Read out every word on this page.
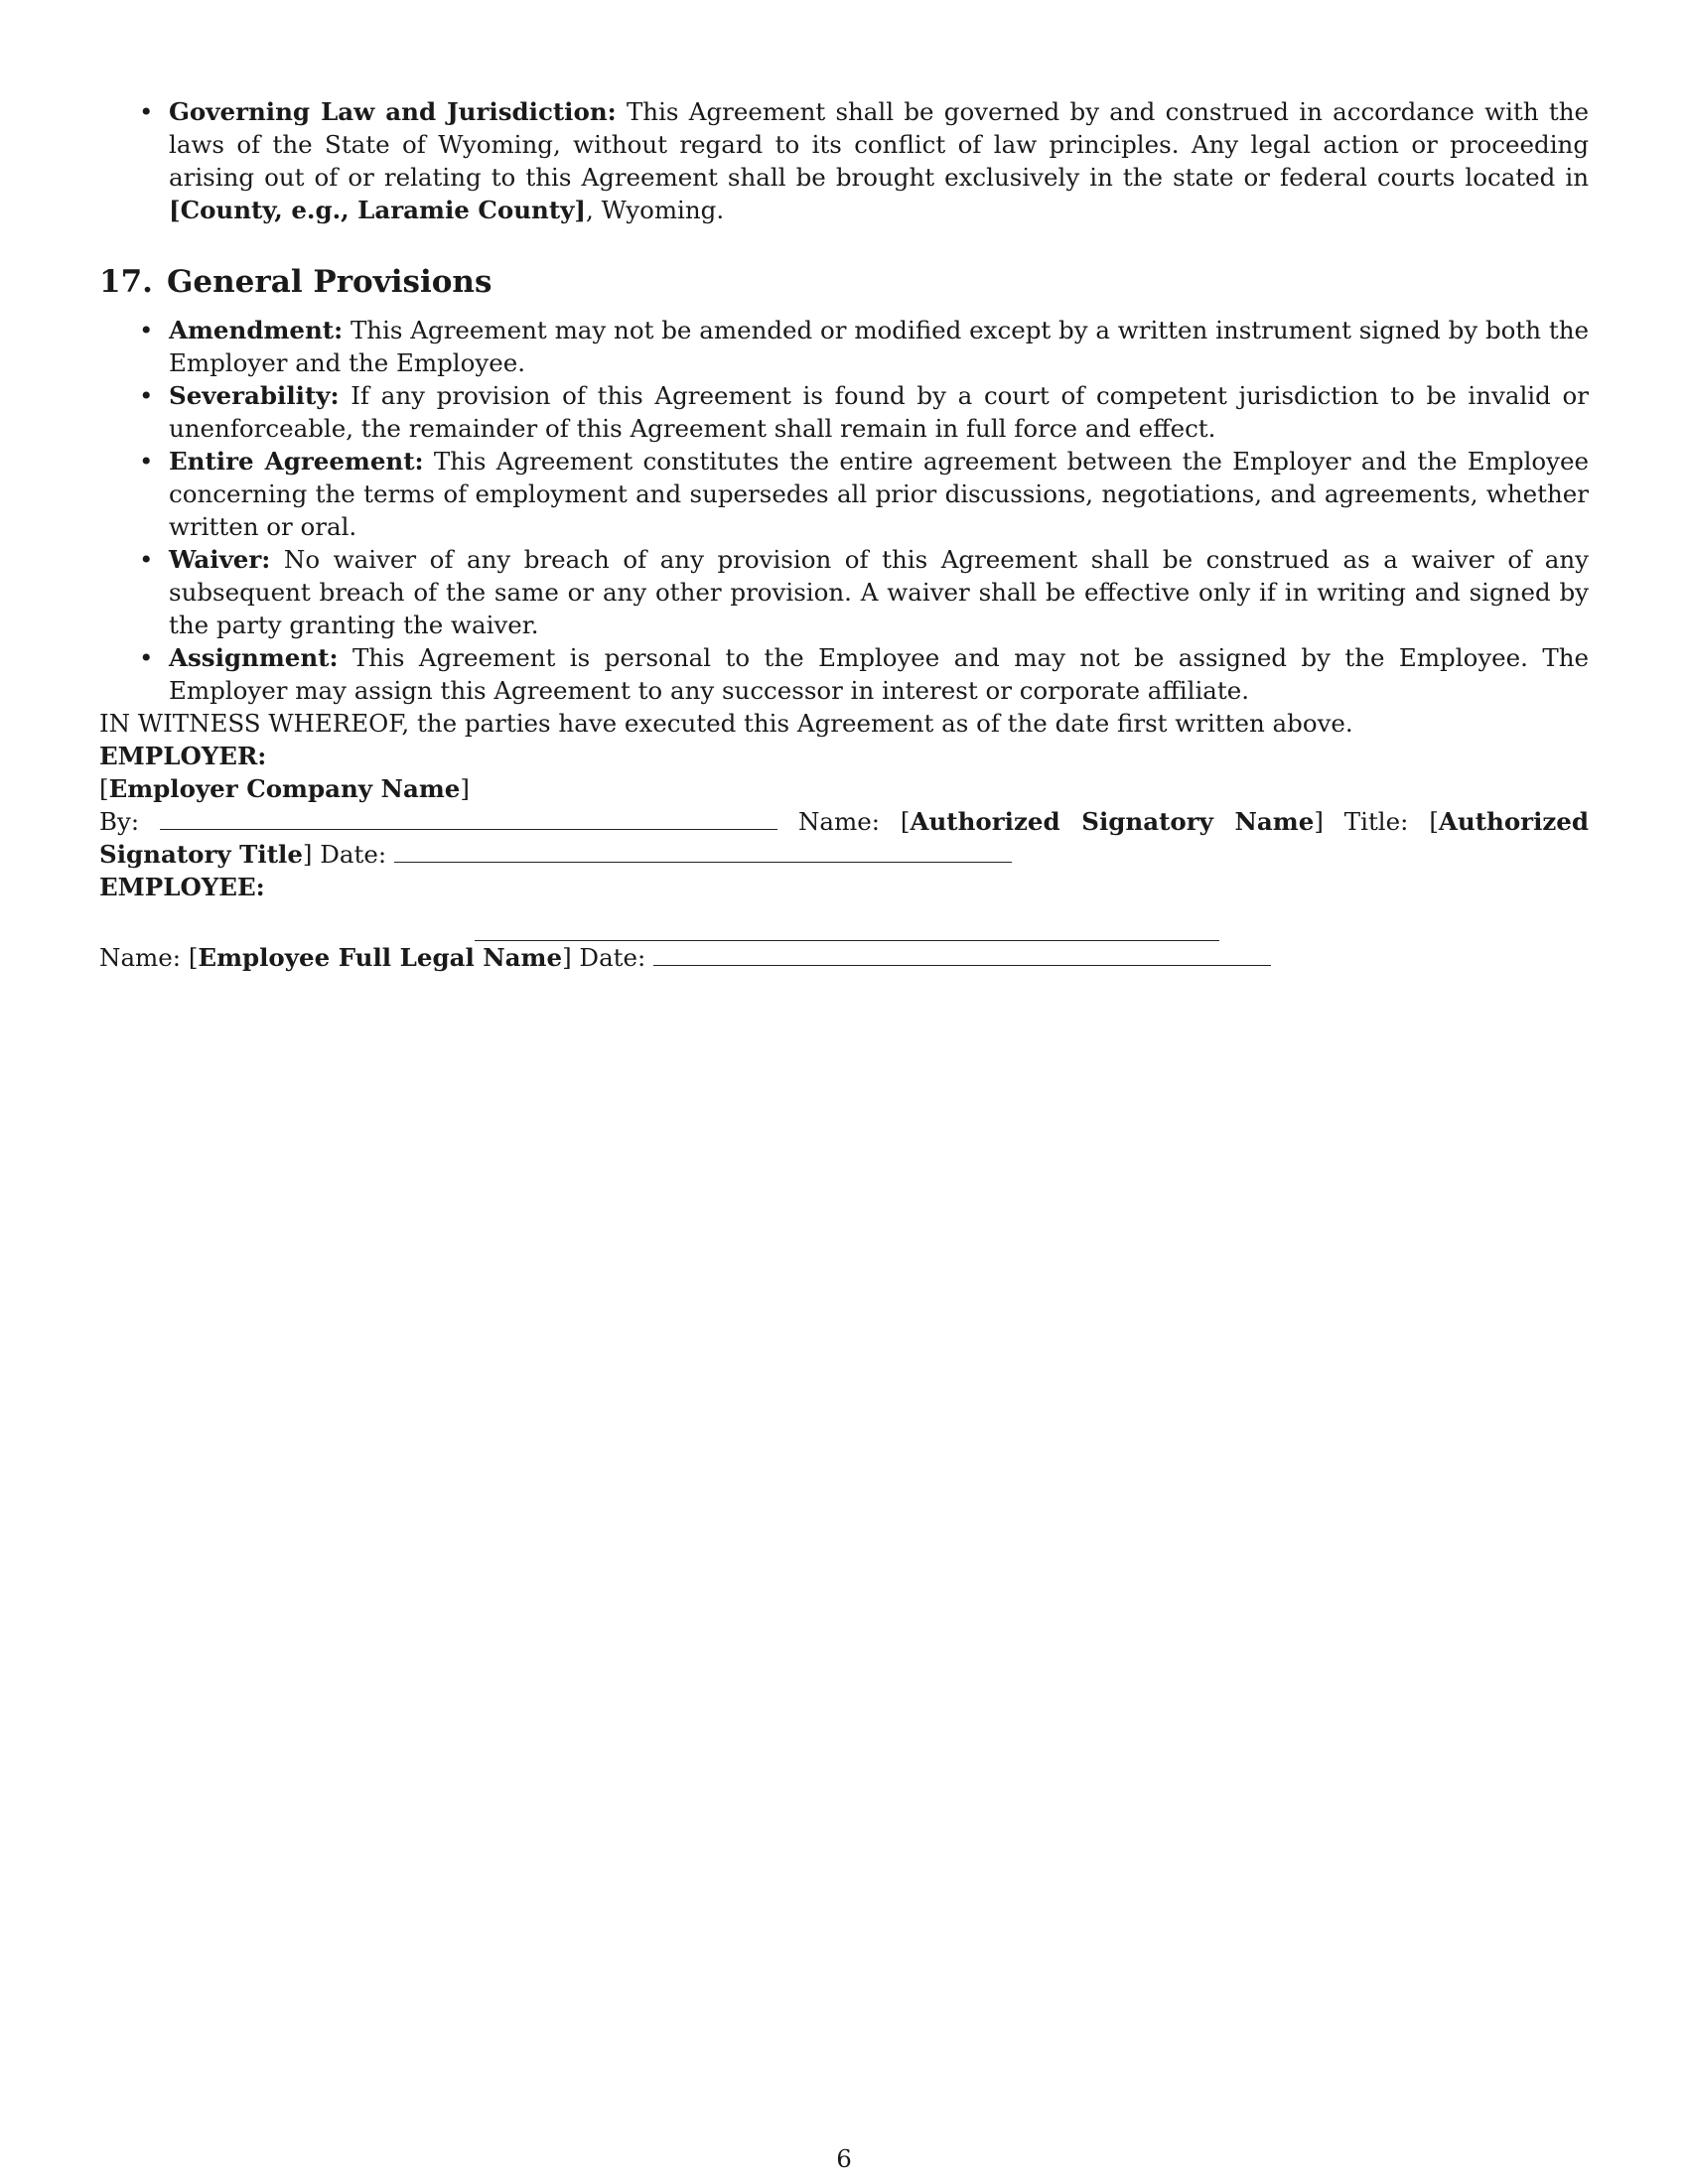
• Governing Law and Jurisdiction: This Agreement shall be governed by and construed in accordance with the laws of the State of Wyoming, without regard to its conflict of law principles. Any legal action or proceeding arising out of or relating to this Agreement shall be brought exclusively in the state or federal courts located in [County, e.g., Laramie County], Wyoming.
17. General Provisions
• Amendment: This Agreement may not be amended or modified except by a written instrument signed by both the Employer and the Employee.
• Severability: If any provision of this Agreement is found by a court of competent jurisdiction to be invalid or unenforceable, the remainder of this Agreement shall remain in full force and effect.
• Entire Agreement: This Agreement constitutes the entire agreement between the Employer and the Employee concerning the terms of employment and supersedes all prior discussions, negotiations, and agreements, whether written or oral.
• Waiver: No waiver of any breach of any provision of this Agreement shall be construed as a waiver of any subsequent breach of the same or any other provision. A waiver shall be effective only if in writing and signed by the party granting the waiver.
• Assignment: This Agreement is personal to the Employee and may not be assigned by the Employee. The Employer may assign this Agreement to any successor in interest or corporate affiliate.

IN WITNESS WHEREOF, the parties have executed this Agreement as of the date first written above.

EMPLOYER:

[Employer Company Name]

By:	Name: [Authorized Signatory Name] Title: [Authorized Signatory Title] Date:

EMPLOYEE:

Name: [Employee Full Legal Name] Date:

6
